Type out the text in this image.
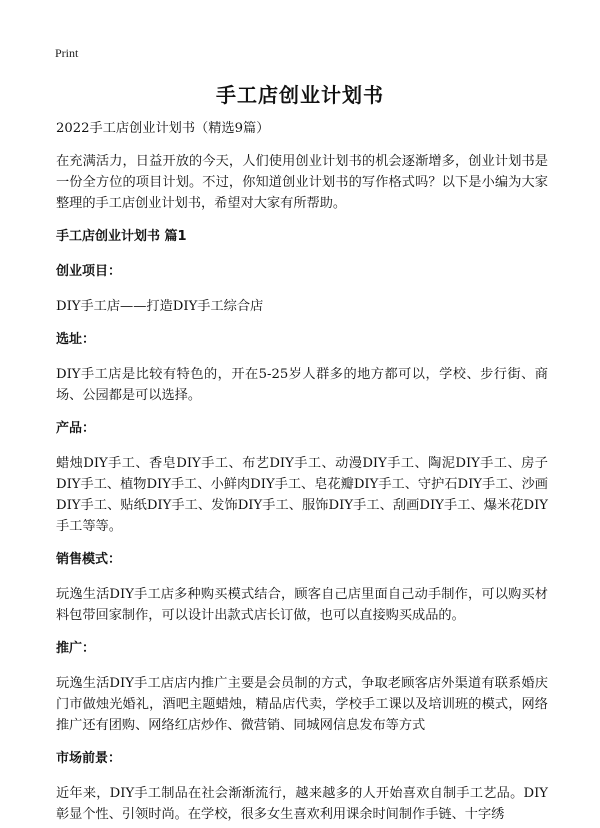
Print
手工店创业计划书

2022手工店创业计划书（精选9篇）

在充满活力，日益开放的今天，人们使用创业计划书的机会逐渐增多，创业计划书是一份全方位的项目计划。不过，你知道创业计划书的写作格式吗？以下是小编为大家整理的手工店创业计划书，希望对大家有所帮助。

手工店创业计划书 篇1

创业项目：

DIY手工店——打造DIY手工综合店

选址：

DIY手工店是比较有特色的，开在5-25岁人群多的地方都可以，学校、步行街、商场、公园都是可以选择。

产品：

蜡烛DIY手工、香皂DIY手工、布艺DIY手工、动漫DIY手工、陶泥DIY手工、房子DIY手工、植物DIY手工、小鲜肉DIY手工、皂花瓣DIY手工、守护石DIY手工、沙画DIY手工、贴纸DIY手工、发饰DIY手工、服饰DIY手工、刮画DIY手工、爆米花DIY手工等等。

销售模式：

玩逸生活DIY手工店多种购买模式结合，顾客自己店里面自己动手制作，可以购买材料包带回家制作，可以设计出款式店长订做，也可以直接购买成品的。

推广：

玩逸生活DIY手工店店内推广主要是会员制的方式，争取老顾客店外渠道有联系婚庆门市做烛光婚礼，酒吧主题蜡烛，精品店代卖，学校手工课以及培训班的模式，网络推广还有团购、网络红店炒作、微营销、同城网信息发布等方式

市场前景：

近年来，DIY手工制品在社会渐渐流行，越来越多的人开始喜欢自制手工艺品。DIY彰显个性、引领时尚。在学校，很多女生喜欢利用课余时间制作手链、十字绣
